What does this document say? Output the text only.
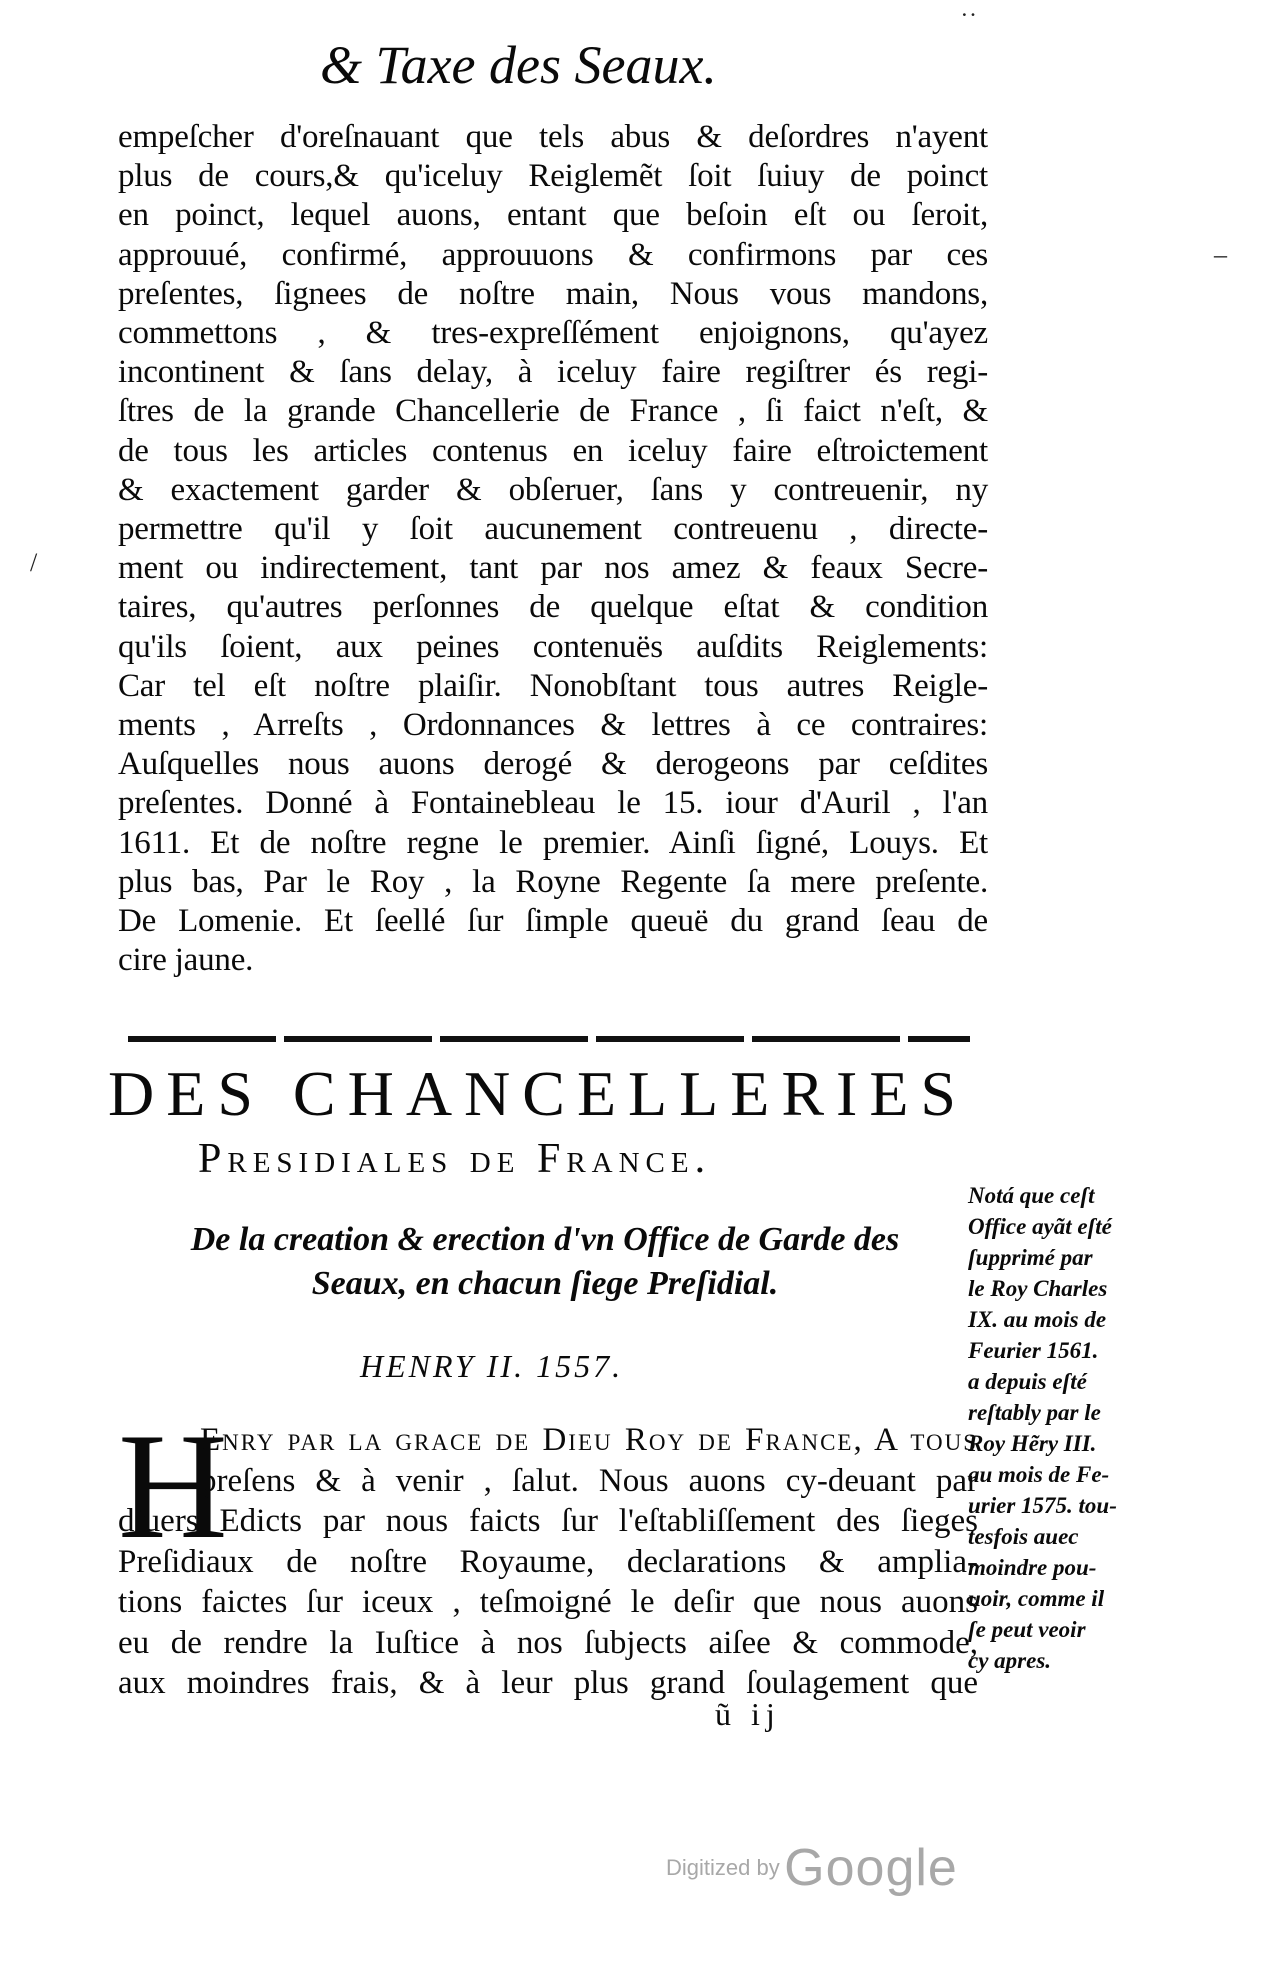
& Taxe des Seaux.
empeſcher d'oreſnauant que tels abus & deſordres n'ayent
plus de cours,& qu'iceluy Reiglemẽt ſoit ſuiuy de poinct
en poinct, lequel auons, entant que beſoin eſt ou ſeroit,
approuué, confirmé, approuuons & confirmons par ces
preſentes, ſignees de noſtre main, Nous vous mandons,
commettons , & tres-expreſſément enjoignons, qu'ayez
incontinent & ſans delay, à iceluy faire regiſtrer és regi-
ſtres de la grande Chancellerie de France , ſi faict n'eſt, &
de tous les articles contenus en iceluy faire eſtroictement
& exactement garder & obſeruer, ſans y contreuenir, ny
permettre qu'il y ſoit aucunement contreuenu , directe-
ment ou indirectement, tant par nos amez & feaux Secre-
taires, qu'autres perſonnes de quelque eſtat & condition
qu'ils ſoient, aux peines contenuës auſdits Reiglements:
Car tel eſt noſtre plaiſir. Nonobſtant tous autres Reigle-
ments , Arreſts , Ordonnances & lettres à ce contraires:
Auſquelles nous auons derogé & derogeons par ceſdites
preſentes. Donné à Fontainebleau le 15. iour d'Auril , l'an
1611. Et de noſtre regne le premier. Ainſi ſigné, Louys. Et
plus bas, Par le Roy , la Royne Regente ſa mere preſente.
De Lomenie. Et ſeellé ſur ſimple queuë du grand ſeau de
cire jaune.
DES CHANCELLERIES
Presidiales de France.
De la creation & erection d'vn Office de Garde des
Seaux, en chacun ſiege Preſidial.
HENRY II. 1557.
H
Enry par la grace de Dieu Roy de France, A tous
preſens & à venir , ſalut. Nous auons cy-deuant par
diuers Edicts par nous faicts ſur l'eſtabliſſement des ſieges
Preſidiaux de noſtre Royaume, declarations & amplia-
tions faictes ſur iceux , teſmoigné le deſir que nous auons
eu de rendre la Iuſtice à nos ſubjects aiſee & commode,
aux moindres frais, & à leur plus grand ſoulagement que
ũ ij
Notá que ceſt
Office ayãt eſté
ſupprimé par
le Roy Charles
IX. au mois de
Feurier 1561.
a depuis eſté
reſtably par le
Roy Hẽry III.
au mois de Fe-
urier 1575. tou-
tesfois auec
moindre pou-
uoir, comme il
ſe peut veoir
cy apres.
/
–
˙˙
Digitized by Google
